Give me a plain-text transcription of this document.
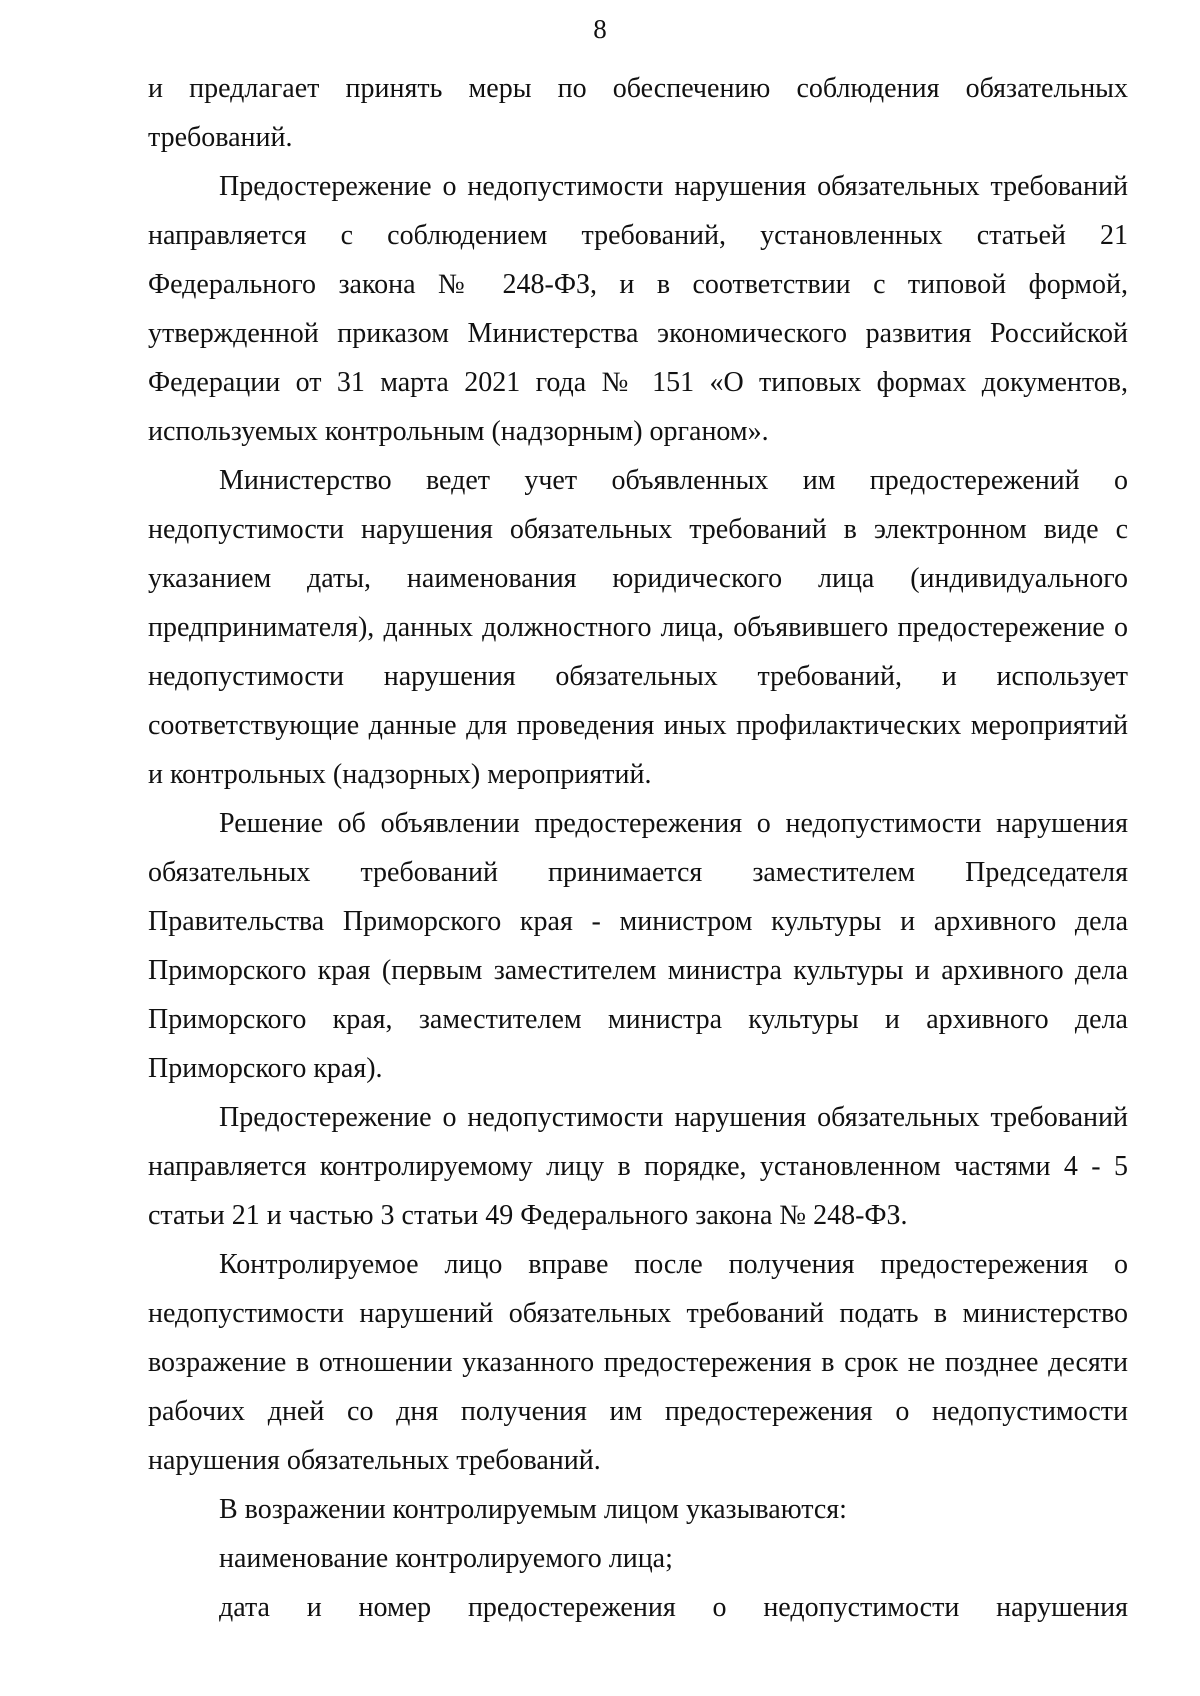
8

и предлагает принять меры по обеспечению соблюдения обязательных требований.

Предостережение о недопустимости нарушения обязательных требований направляется с соблюдением требований, установленных статьей 21 Федерального закона № 248-ФЗ, и в соответствии с типовой формой, утвержденной приказом Министерства экономического развития Российской Федерации от 31 марта 2021 года № 151 «О типовых формах документов, используемых контрольным (надзорным) органом».

Министерство ведет учет объявленных им предостережений о недопустимости нарушения обязательных требований в электронном виде с указанием даты, наименования юридического лица (индивидуального предпринимателя), данных должностного лица, объявившего предостережение о недопустимости нарушения обязательных требований, и использует соответствующие данные для проведения иных профилактических мероприятий и контрольных (надзорных) мероприятий.

Решение об объявлении предостережения о недопустимости нарушения обязательных требований принимается заместителем Председателя Правительства Приморского края - министром культуры и архивного дела Приморского края (первым заместителем министра культуры и архивного дела Приморского края, заместителем министра культуры и архивного дела Приморского края).

Предостережение о недопустимости нарушения обязательных требований направляется контролируемому лицу в порядке, установленном частями 4 - 5 статьи 21 и частью 3 статьи 49 Федерального закона № 248-ФЗ.

Контролируемое лицо вправе после получения предостережения о недопустимости нарушений обязательных требований подать в министерство возражение в отношении указанного предостережения в срок не позднее десяти рабочих дней со дня получения им предостережения о недопустимости нарушения обязательных требований.

В возражении контролируемым лицом указываются:

наименование контролируемого лица;

дата и номер предостережения о недопустимости нарушения
